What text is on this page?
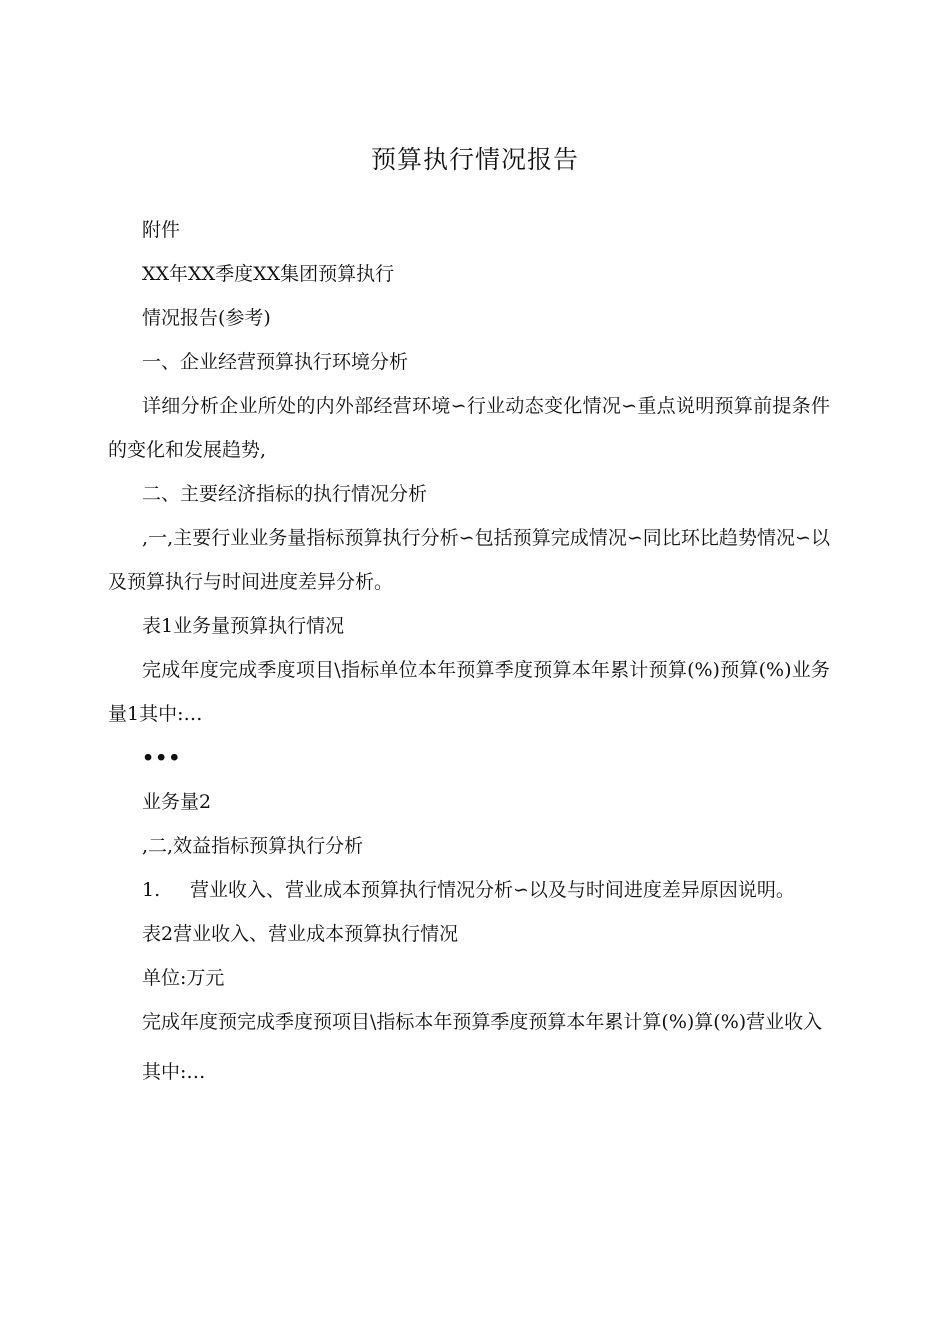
预算执行情况报告

附件

XX年XX季度XX集团预算执行

情况报告(参考)

一、企业经营预算执行环境分析

详细分析企业所处的内外部经营环境∽行业动态变化情况∽重点说明预算前提条件的变化和发展趋势,

二、主要经济指标的执行情况分析

,一,主要行业业务量指标预算执行分析∽包括预算完成情况∽同比环比趋势情况∽以及预算执行与时间进度差异分析。

表1业务量预算执行情况

完成年度完成季度项目\指标单位本年预算季度预算本年累计预算(%)预算(%)业务量1其中:…

•••

业务量2

,二,效益指标预算执行分析

1. 营业收入、营业成本预算执行情况分析∽以及与时间进度差异原因说明。

表2营业收入、营业成本预算执行情况

单位:万元

完成年度预完成季度预项目\指标本年预算季度预算本年累计算(%)算(%)营业收入

其中:…
